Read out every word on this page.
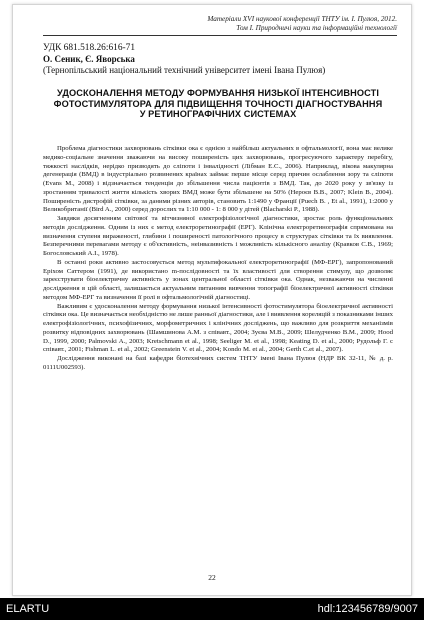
Матеріали XVI наукової конференції ТНТУ ім. І. Пулюя, 2012.
Том I. Природничі науки та інформаційні технології
УДК 681.518.26:616-71
О. Сеник, Є. Яворська
(Тернопільський національний технічний університет імені Івана Пулюя)
УДОСКОНАЛЕННЯ МЕТОДУ ФОРМУВАННЯ НИЗЬКОЇ ІНТЕНСИВНОСТІ ФОТОСТИМУЛЯТОРА ДЛЯ ПІДВИЩЕННЯ ТОЧНОСТІ ДІАГНОСТУВАННЯ У РЕТИНОГРАФІЧНИХ СИСТЕМАХ

Проблема діагностики захворювань сітківки ока є однією з найбільш актуальних в офтальмології, вона має велике медико-соціальне значення зважаючи на високу поширеність цих захворювань, прогресуючого характеру перебігу, тяжкості наслідків, нерідко призводять до сліпоти і інвалідності (Лібман Е.С., 2006). Наприклад, вікова макулярна дегенерація (ВМД) в індустріально розвинених країнах займає перше місце серед причин ослаблення зору та сліпоти (Evans M., 2008) і відзначається тенденція до збільшення числа пацієнтів з ВМД. Так, до 2020 року у зв'язку із зростанням тривалості життя кількість хворих ВМД може бути збільшене на 50% (Нероєв В.В., 2007; Klein B., 2004). Поширеність дистрофій сітківки, за даними різних авторів, становить 1:1490 у Франції (Puech B. , Et al., 1991), 1:2000 у Великобританії (Bird A., 2000) серед дорослих та 1:10 000 - 1: 8 000 у дітей (Blacharski P., 1988).

Завдяки досягненням світової та вітчизняної електрофізіологічної діагностики, зростає роль функціональних методів дослідження. Одним із них є метод електроретинографії (ЕРГ). Клінічна електроретинографія спрямована на визначення ступеня вираженості, глибини і поширеності патологічного процесу в структурах сітківки та їх виявлення. Безперечними перевагами методу є об'єктивність, неінвазивність і можливість кількісного аналізу (Кравков С.В., 1969; Богословський А.І., 1978).

В останні роки активно застосовується метод мультифокальної електроретинографії (МФ-ЕРГ), запропонований Еріхом Саттером (1991), де використано m-послідовності та їх властивості для створення стимулу, що дозволяє зареєструвати біоелектричну активність у зонах центральної області сітківки ока. Однак, незважаючи на численні дослідження в цій області, залишається актуальним питанням вивчення топографії біоелектричної активності сітківки методом МФ-ЕРГ та визначення її ролі в офтальмологічній діагностиці.

Важливим є удосконалення методу формування низької інтенсивності фотостимулятора біоелектричної активності сітківки ока. Це визначається необхідністю не лише ранньої діагностики, але і виявлення кореляцій з показниками інших електрофізіологічних, психофізичних, морфометричних і клінічних досліджень, що важливо для розкриття механізмів розвитку відповідних захворювань (Шамшинова А.М. з співавт., 2004; Зуєва М.В., 2009; Шелудченко В.М., 2009; Hood D., 1999, 2000; Palmovski A., 2003; Kretschmann et al., 1998; Seeliger M. et al., 1998; Keating D. et al., 2000; Рудольф Г. с співавт., 2001; Fishman L. et al., 2002; Greenstein V. et al., 2004; Kondo M. et al., 2004; Gerth C.et al., 2007).

Дослідження виконані на базі кафедри біотехнічних систем ТНТУ імені Івана Пулюя (НДР ВК 32-11, № д. р. 0111U002593).

22
ELARTU	hdl:123456789/9007
